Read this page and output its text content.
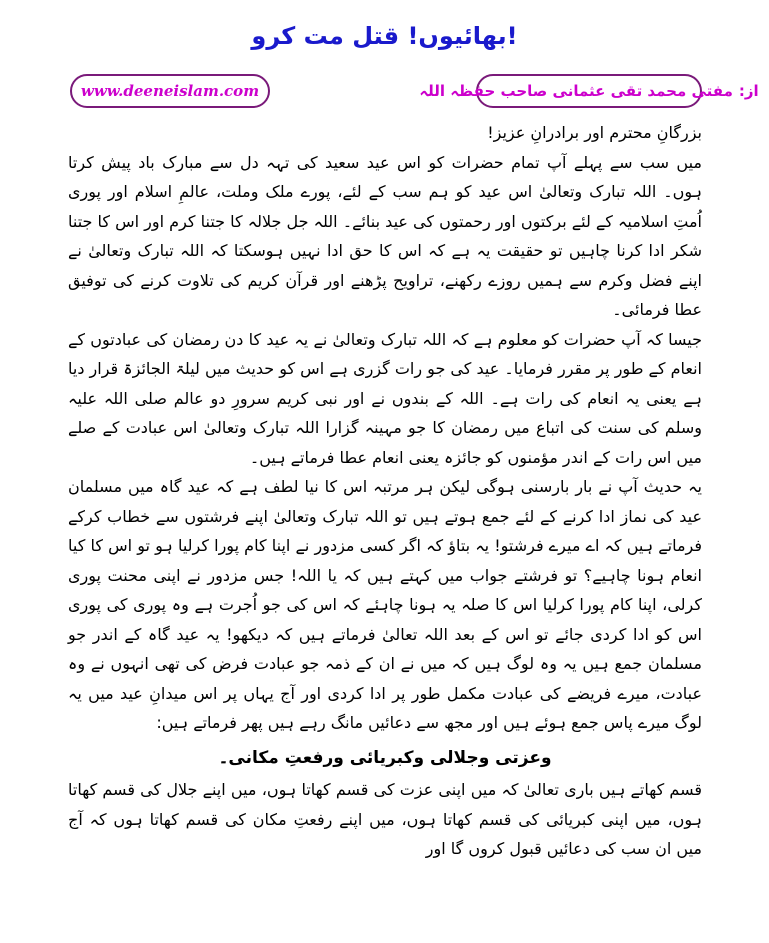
بھائیوں! قتل مت کرو!
www.deeneislam.com	از:
مفتی محمد تقی عثمانی صاحب حفظہ اللہ

بزرگانِ محترم اور برادرانِ عزیز!

میں سب سے پہلے آپ تمام حضرات کو اس عید سعید کی تہہ دل سے مبارک باد پیش کرتا ہوں۔ اللہ تبارک وتعالیٰ اس عید کو ہم سب کے لئے، پورے ملک وملت، عالمِ اسلام اور پوری اُمتِ اسلامیہ کے لئے برکتوں اور رحمتوں کی عید بنائے۔ اللہ جل جلالہ کا جتنا کرم اور اس کا جتنا شکر ادا کرنا چاہیں تو حقیقت یہ ہے کہ اس کا حق ادا نہیں ہوسکتا کہ اللہ تبارک وتعالیٰ نے اپنے فضل وکرم سے ہمیں روزے رکھنے، تراویح پڑھنے اور قرآن کریم کی تلاوت کرنے کی توفیق عطا فرمائی۔

جیسا کہ آپ حضرات کو معلوم ہے کہ اللہ تبارک وتعالیٰ نے یہ عید کا دن رمضان کی عبادتوں کے انعام کے طور پر مقرر فرمایا۔ عید کی جو رات گزری ہے اس کو حدیث میں لیلۃ الجائزۃ قرار دیا ہے یعنی یہ انعام کی رات ہے۔ اللہ کے بندوں نے اور نبی کریم سرورِ دو عالم صلی اللہ علیہ وسلم کی سنت کی اتباع میں رمضان کا جو مہینہ گزارا اللہ تبارک وتعالیٰ اس عبادت کے صلے میں اس رات کے اندر مؤمنوں کو جائزہ یعنی انعام عطا فرماتے ہیں۔

یہ حدیث آپ نے بار بارسنی ہوگی لیکن ہر مرتبہ اس کا نیا لطف ہے کہ عید گاہ میں مسلمان عید کی نماز ادا کرنے کے لئے جمع ہوتے ہیں تو اللہ تبارک وتعالیٰ اپنے فرشتوں سے خطاب کرکے فرماتے ہیں کہ اے میرے فرشتو! یہ بتاؤ کہ اگر کسی مزدور نے اپنا کام پورا کرلیا ہو تو اس کا کیا انعام ہونا چاہیے؟ تو فرشتے جواب میں کہتے ہیں کہ یا اللہ! جس مزدور نے اپنی محنت پوری کرلی، اپنا کام پورا کرلیا اس کا صلہ یہ ہونا چاہئے کہ اس کی جو اُجرت ہے وہ پوری کی پوری اس کو ادا کردی جائے تو اس کے بعد اللہ تعالیٰ فرماتے ہیں کہ دیکھو! یہ عید گاہ کے اندر جو مسلمان جمع ہیں یہ وہ لوگ ہیں کہ میں نے ان کے ذمہ جو عبادت فرض کی تھی انہوں نے وہ عبادت، میرے فریضے کی عبادت مکمل طور پر ادا کردی اور آج یہاں پر اس میدانِ عید میں یہ لوگ میرے پاس جمع ہوئے ہیں اور مجھ سے دعائیں مانگ رہے ہیں پھر فرماتے ہیں:

وعزتی وجلالی وکبریائی ورفعتِ مکانی۔

قسم کھاتے ہیں باری تعالیٰ کہ میں اپنی عزت کی قسم کھاتا ہوں، میں اپنے جلال کی قسم کھاتا ہوں، میں اپنی کبریائی کی قسم کھاتا ہوں، میں اپنے رفعتِ مکان کی قسم کھاتا ہوں کہ آج میں ان سب کی دعائیں قبول کروں گا اور
